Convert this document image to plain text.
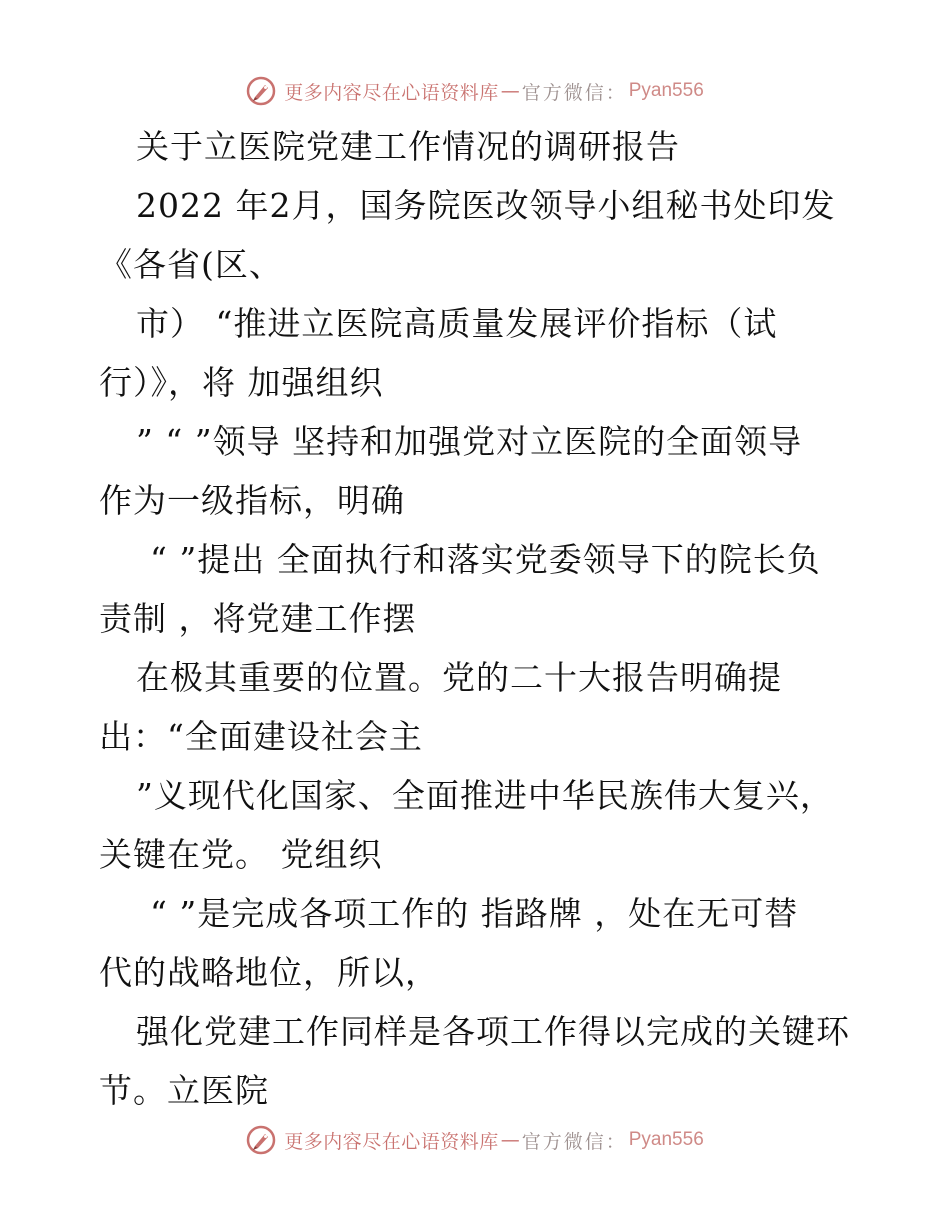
更多内容尽在心语资料库 — 官方微信： Pyan556
关于立医院党建工作情况的调研报告
2022 年2月，国务院医改领导小组秘书处印发
《各省(区、
市） “推进立医院高质量发展评价指标（试
行）》，将 加强组织
” “ ”领导 坚持和加强党对立医院的全面领导
作为一级指标，明确
“ ”提出 全面执行和落实党委领导下的院长负
责制 ，将党建工作摆
在极其重要的位置。党的二十大报告明确提
出：“全面建设社会主
”义现代化国家、全面推进中华民族伟大复兴，
关键在党。 党组织
“ ”是完成各项工作的 指路牌 ，处在无可替
代的战略地位，所以，
强化党建工作同样是各项工作得以完成的关键环
节。立医院
更多内容尽在心语资料库 — 官方微信： Pyan556
